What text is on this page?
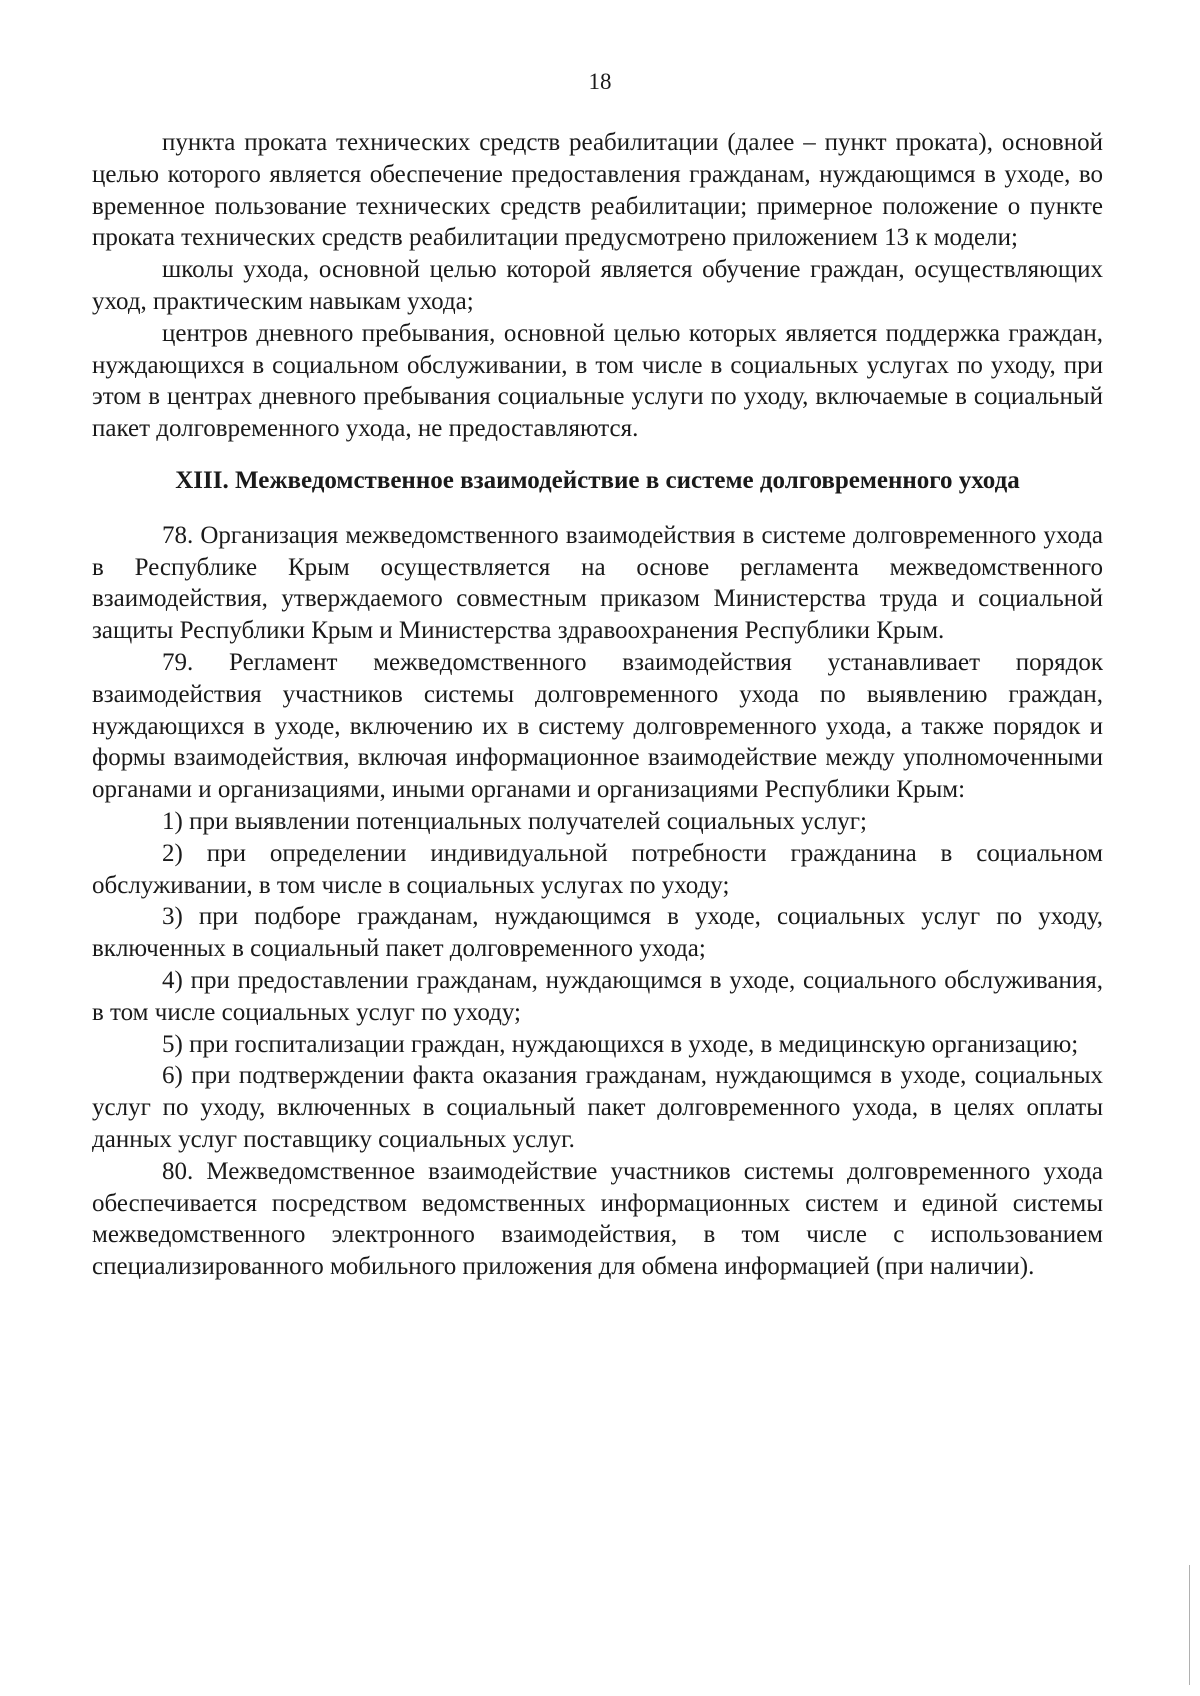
18

пункта проката технических средств реабилитации (далее – пункт проката), основной целью которого является обеспечение предоставления гражданам, нуждающимся в уходе, во временное пользование технических средств реабилитации; примерное положение о пункте проката технических средств реабилитации предусмотрено приложением 13 к модели;

школы ухода, основной целью которой является обучение граждан, осуществляющих уход, практическим навыкам ухода;

центров дневного пребывания, основной целью которых является поддержка граждан, нуждающихся в социальном обслуживании, в том числе в социальных услугах по уходу, при этом в центрах дневного пребывания социальные услуги по уходу, включаемые в социальный пакет долговременного ухода, не предоставляются.

XIII. Межведомственное взаимодействие в системе долговременного ухода

78. Организация межведомственного взаимодействия в системе долговременного ухода в Республике Крым осуществляется на основе регламента межведомственного взаимодействия, утверждаемого совместным приказом Министерства труда и социальной защиты Республики Крым и Министерства здравоохранения Республики Крым.

79. Регламент межведомственного взаимодействия устанавливает порядок взаимодействия участников системы долговременного ухода по выявлению граждан, нуждающихся в уходе, включению их в систему долговременного ухода, а также порядок и формы взаимодействия, включая информационное взаимодействие между уполномоченными органами и организациями, иными органами и организациями Республики Крым:

1) при выявлении потенциальных получателей социальных услуг;

2) при определении индивидуальной потребности гражданина в социальном обслуживании, в том числе в социальных услугах по уходу;

3) при подборе гражданам, нуждающимся в уходе, социальных услуг по уходу, включенных в социальный пакет долговременного ухода;

4) при предоставлении гражданам, нуждающимся в уходе, социального обслуживания, в том числе социальных услуг по уходу;

5) при госпитализации граждан, нуждающихся в уходе, в медицинскую организацию;

6) при подтверждении факта оказания гражданам, нуждающимся в уходе, социальных услуг по уходу, включенных в социальный пакет долговременного ухода, в целях оплаты данных услуг поставщику социальных услуг.

80. Межведомственное взаимодействие участников системы долговременного ухода обеспечивается посредством ведомственных информационных систем и единой системы межведомственного электронного взаимодействия, в том числе с использованием специализированного мобильного приложения для обмена информацией (при наличии).
